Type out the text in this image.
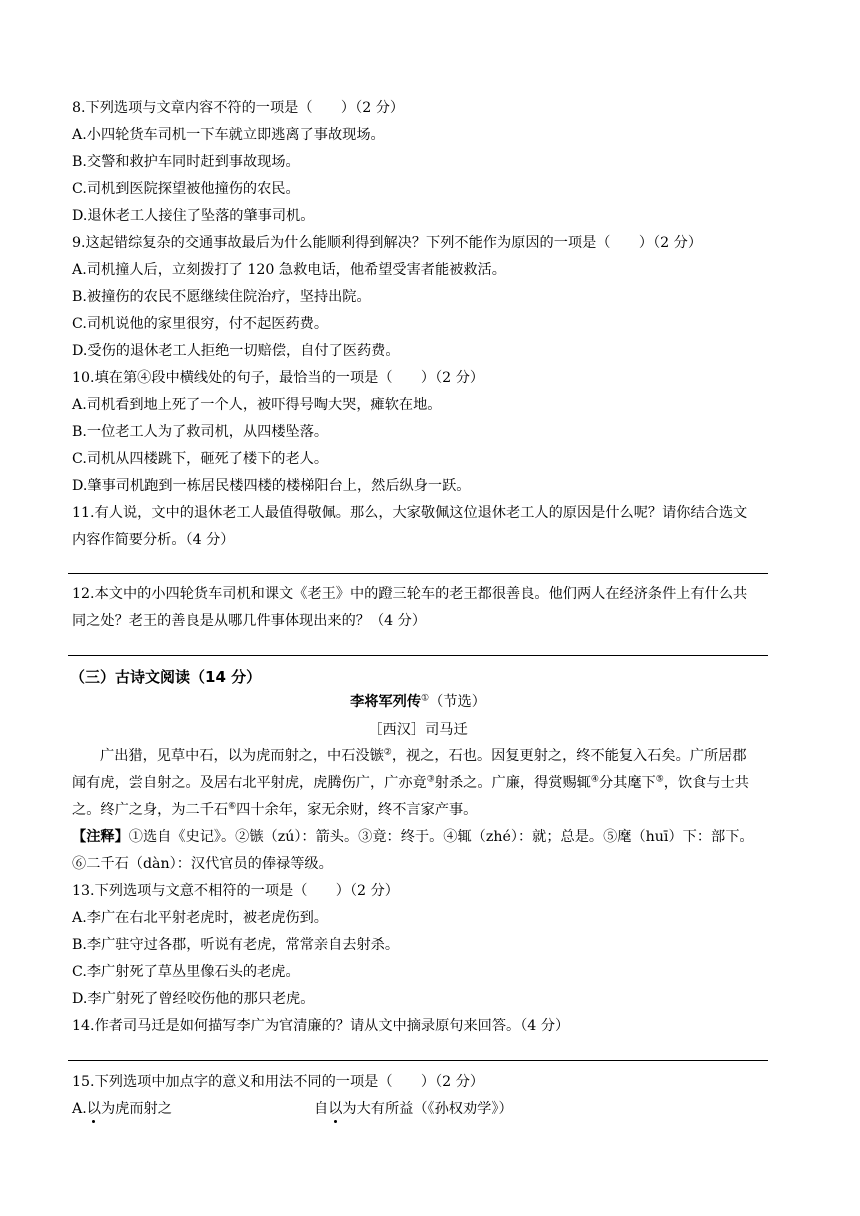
8.下列选项与文章内容不符的一项是（　　）（2 分）
A.小四轮货车司机一下车就立即逃离了事故现场。
B.交警和救护车同时赶到事故现场。
C.司机到医院探望被他撞伤的农民。
D.退休老工人接住了坠落的肇事司机。
9.这起错综复杂的交通事故最后为什么能顺利得到解决？下列不能作为原因的一项是（　　）（2 分）
A.司机撞人后，立刻拨打了 120 急救电话，他希望受害者能被救活。
B.被撞伤的农民不愿继续住院治疗，坚持出院。
C.司机说他的家里很穷，付不起医药费。
D.受伤的退休老工人拒绝一切赔偿，自付了医药费。
10.填在第④段中横线处的句子，最恰当的一项是（　　）（2 分）
A.司机看到地上死了一个人，被吓得号啕大哭，瘫软在地。
B.一位老工人为了救司机，从四楼坠落。
C.司机从四楼跳下，砸死了楼下的老人。
D.肇事司机跑到一栋居民楼四楼的楼梯阳台上，然后纵身一跃。
11.有人说，文中的退休老工人最值得敬佩。那么，大家敬佩这位退休老工人的原因是什么呢？请你结合选文
内容作简要分析。（4 分）
12.本文中的小四轮货车司机和课文《老王》中的蹬三轮车的老王都很善良。他们两人在经济条件上有什么共
同之处？老王的善良是从哪几件事体现出来的？（4 分）
（三）古诗文阅读（14 分）
李将军列传①（节选）
［西汉］司马迁
广出猎，见草中石，以为虎而射之，中石没镞②，视之，石也。因复更射之，终不能复入石矣。广所居郡
闻有虎，尝自射之。及居右北平射虎，虎腾伤广，广亦竟③射杀之。广廉，得赏赐辄④分其麾下⑤，饮食与士共
之。终广之身，为二千石⑥四十余年，家无余财，终不言家产事。
【注释】①选自《史记》。②镞（zú）：箭头。③竟：终于。④辄（zhé）：就；总是。⑤麾（huī）下：部下。
⑥二千石（dàn）：汉代官员的俸禄等级。
13.下列选项与文意不相符的一项是（　　）（2 分）
A.李广在右北平射老虎时，被老虎伤到。
B.李广驻守过各郡，听说有老虎，常常亲自去射杀。
C.李广射死了草丛里像石头的老虎。
D.李广射死了曾经咬伤他的那只老虎。
14.作者司马迁是如何描写李广为官清廉的？请从文中摘录原句来回答。（4 分）
15.下列选项中加点字的意义和用法不同的一项是（　　）（2 分）
A.以为虎而射之	自以为大有所益（《孙权劝学》）
